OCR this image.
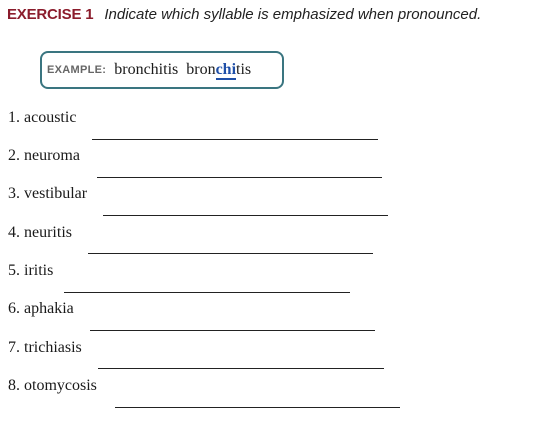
EXERCISE 1 Indicate which syllable is emphasized when pronounced.
EXAMPLE: bronchitis bronchitis
1. acoustic
2. neuroma
3. vestibular
4. neuritis
5. iritis
6. aphakia
7. trichiasis
8. otomycosis
